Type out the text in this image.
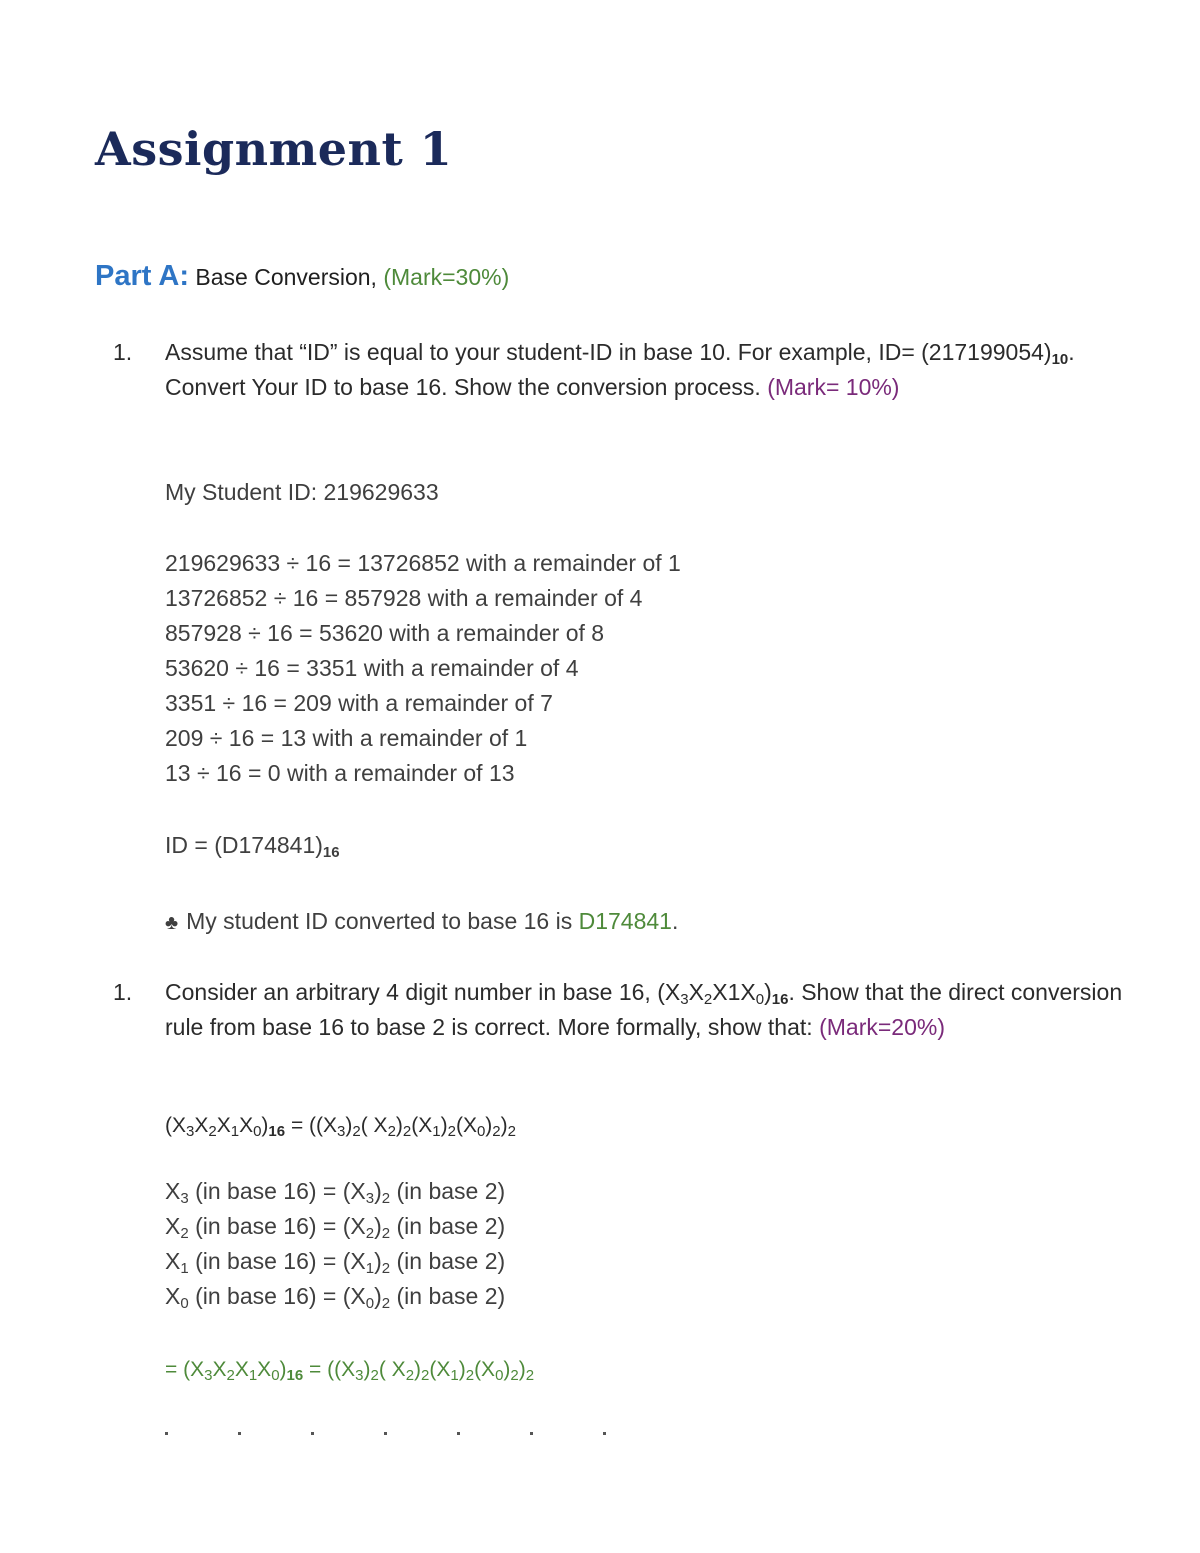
Assignment 1
Part A: Base Conversion, (Mark=30%)
1. Assume that “ID” is equal to your student-ID in base 10. For example, $ID= (217199054)_{10}$. Convert Your ID to base 16. Show the conversion process. (Mark= 10%)
My Student ID: 219629633
219629633 ÷ 16 = 13726852 with a remainder of 1
13726852 ÷ 16 = 857928 with a remainder of 4
857928 ÷ 16 = 53620 with a remainder of 8
53620 ÷ 16 = 3351 with a remainder of 4
3351 ÷ 16 = 209 with a remainder of 7
209 ÷ 16 = 13 with a remainder of 1
13 ÷ 16 = 0 with a remainder of 13
ID = $(D174841)_{16}$
♣ My student ID converted to base 16 is D174841.
1. Consider an arbitrary 4 digit number in base 16, $(X_3X_2X1X_0)_{16}$. Show that the direct conversion rule from base 16 to base 2 is correct. More formally, show that: (Mark=20%)
$(X_3X_2X_1X_0)_{16} = ((X_3)_2$( $X_2)_2(X_1)_2(X_0)_2)_2$
$X_3$ (in base $16) = (X_3)_2$ (in base 2)
$X_2$ (in base $16) = (X_2)_2$ (in base 2)
$X_1$ (in base $16) = (X_1)_2$ (in base 2)
$X_0$ (in base $16) = (X_0)_2$ (in base 2)
= $(X_3X_2X_1X_0)_{16} = ((X_3)_2$( $X_2)_2(X_1)_2(X_0)_2)_2$
